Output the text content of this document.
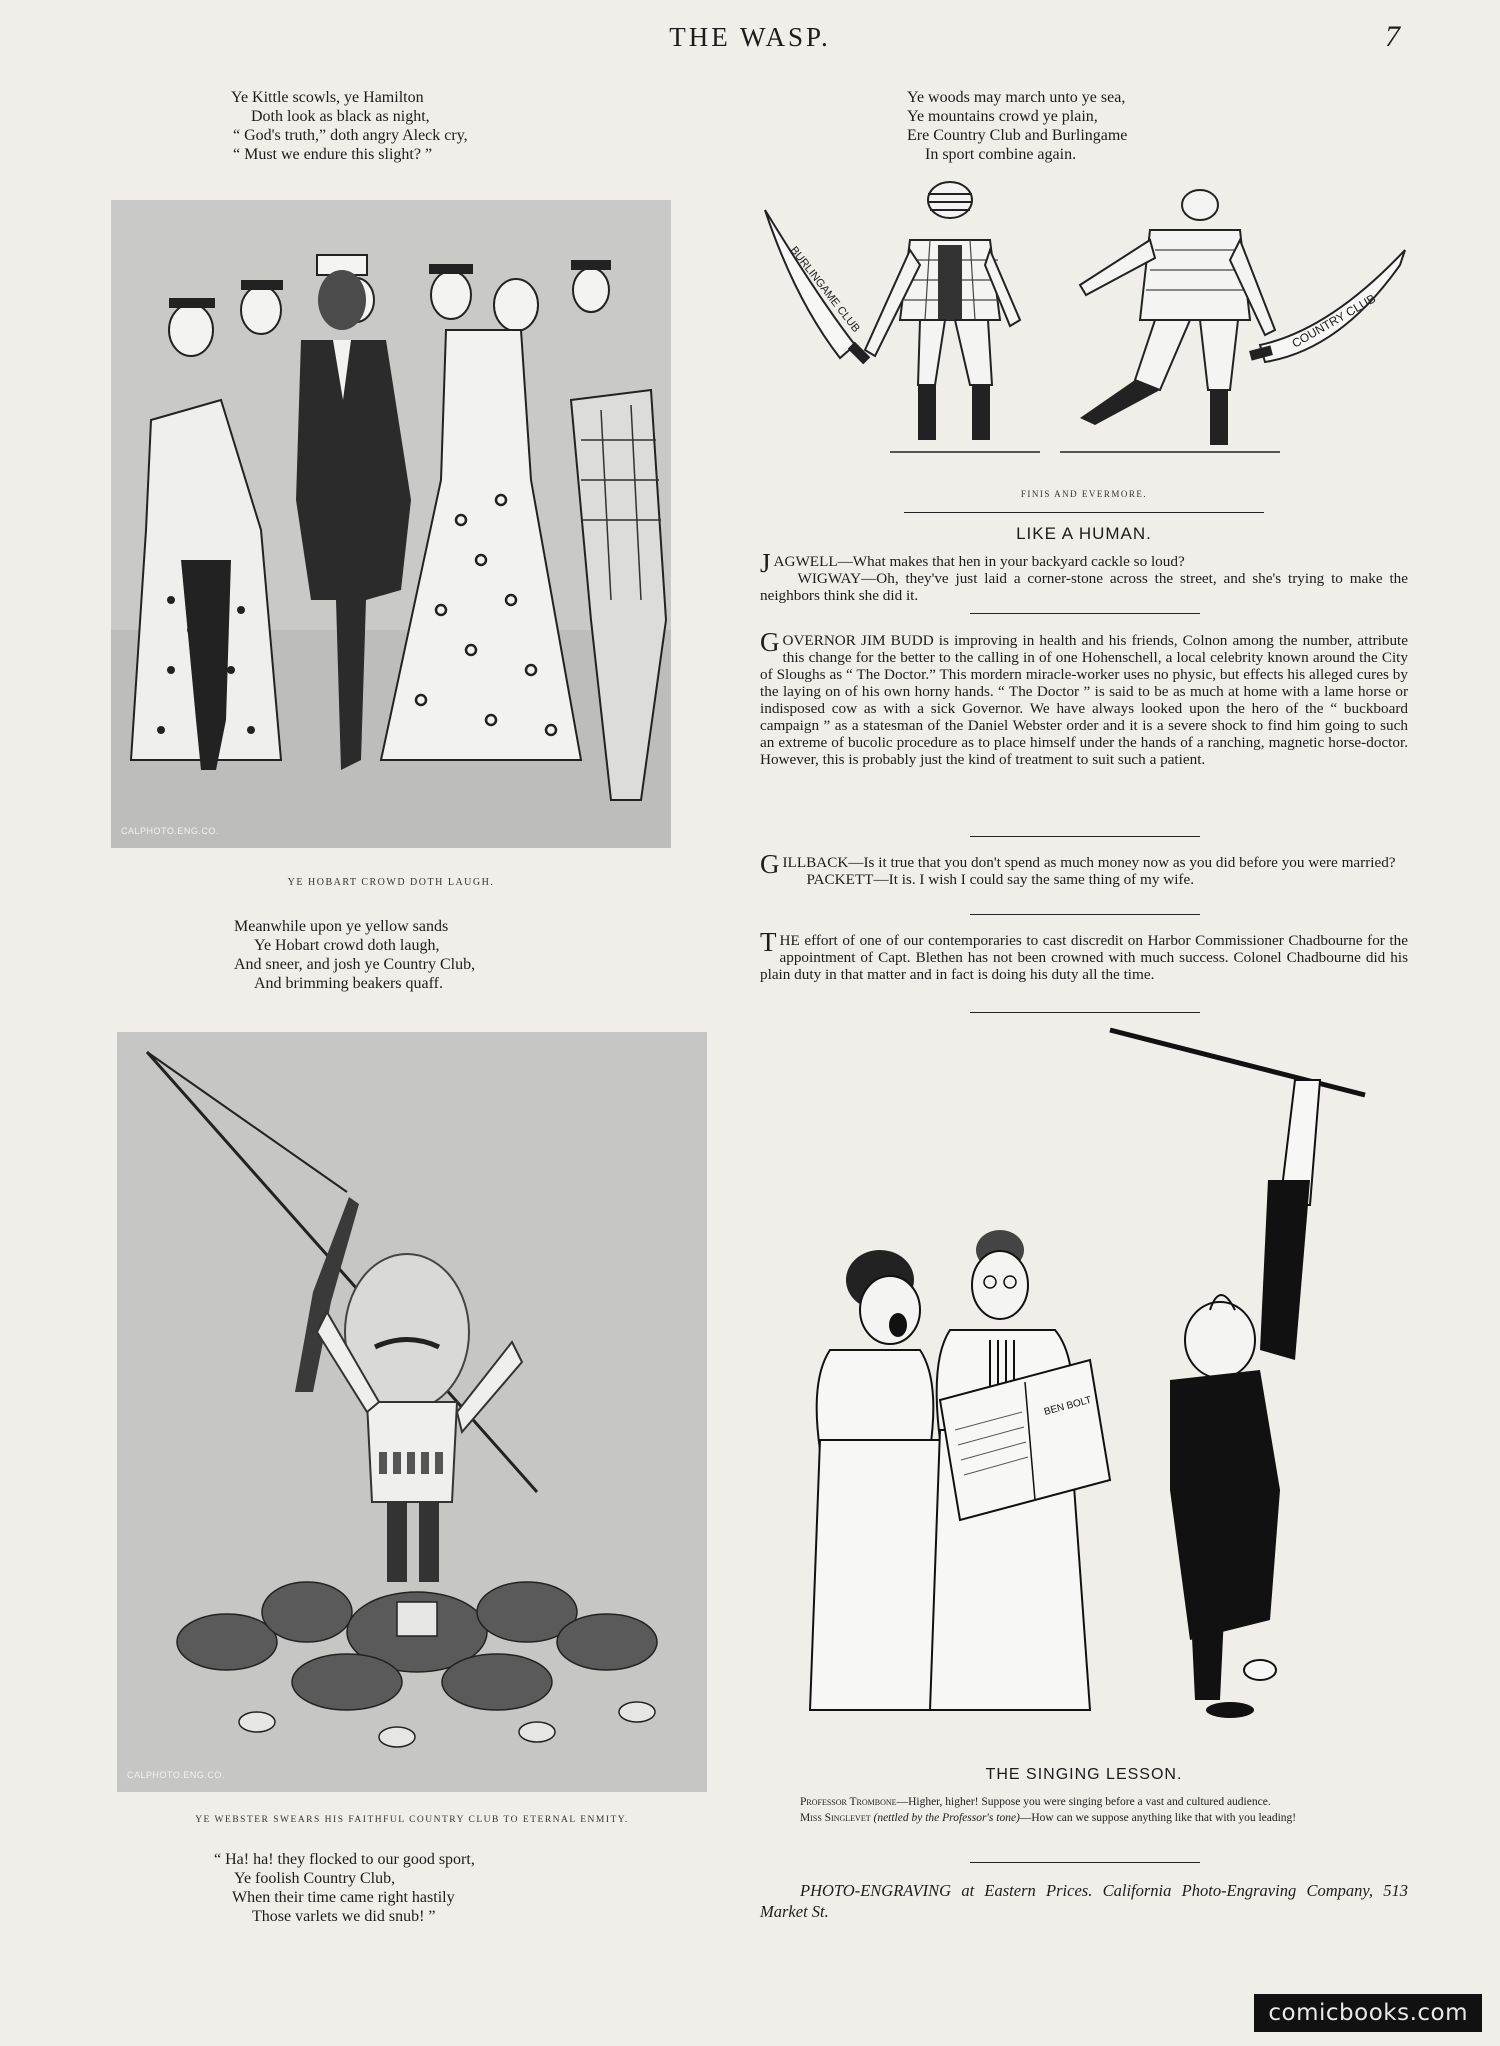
THE WASP.	7
Ye Kittle scowls, ye Hamilton
Doth look as black as night,
“ God's truth,” doth angry Aleck cry,
“ Must we endure this slight? ”
CALPHOTO.ENG.CO.
YE HOBART CROWD DOTH LAUGH.
Meanwhile upon ye yellow sands
Ye Hobart crowd doth laugh,
And sneer, and josh ye Country Club,
And brimming beakers quaff.
CALPHOTO.ENG.CO.
YE WEBSTER SWEARS HIS FAITHFUL COUNTRY CLUB TO ETERNAL ENMITY.
“ Ha! ha! they flocked to our good sport,
Ye foolish Country Club,
When their time came right hastily
Those varlets we did snub! ”
Ye woods may march unto ye sea,
Ye mountains crowd ye plain,
Ere Country Club and Burlingame
In sport combine again.
BURLINGAME CLUB	COUNTRY CLUB
FINIS AND EVERMORE.
LIKE A HUMAN.

JAGWELL—What makes that hen in your backyard cackle so loud?

WIGWAY—Oh, they've just laid a corner-stone across the street, and she's trying to make the neighbors think she did it.

GOVERNOR JIM BUDD is improving in health and his friends, Colnon among the number, attribute this change for the better to the calling in of one Hohenschell, a local celebrity known around the City of Sloughs as “ The Doctor.” This mordern miracle-worker uses no physic, but effects his alleged cures by the laying on of his own horny hands. “ The Doctor ” is said to be as much at home with a lame horse or indisposed cow as with a sick Governor. We have always looked upon the hero of the “ buckboard campaign ” as a statesman of the Daniel Webster order and it is a severe shock to find him going to such an extreme of bucolic procedure as to place himself under the hands of a ranching, magnetic horse-doctor. However, this is probably just the kind of treatment to suit such a patient.

GILLBACK—Is it true that you don't spend as much money now as you did before you were married?

PACKETT—It is. I wish I could say the same thing of my wife.

THE effort of one of our contemporaries to cast discredit on Harbor Commissioner Chadbourne for the appointment of Capt. Blethen has not been crowned with much success. Colonel Chadbourne did his plain duty in that matter and in fact is doing his duty all the time.

BEN BOLT
THE SINGING LESSON.

Professor Trombone—Higher, higher! Suppose you were singing before a vast and cultured audience.

Miss Singlevet (nettled by the Professor's tone)—How can we suppose anything like that with you leading!

PHOTO-ENGRAVING at Eastern Prices. California Photo-Engraving Company, 513 Market St.
comicbooks.com
